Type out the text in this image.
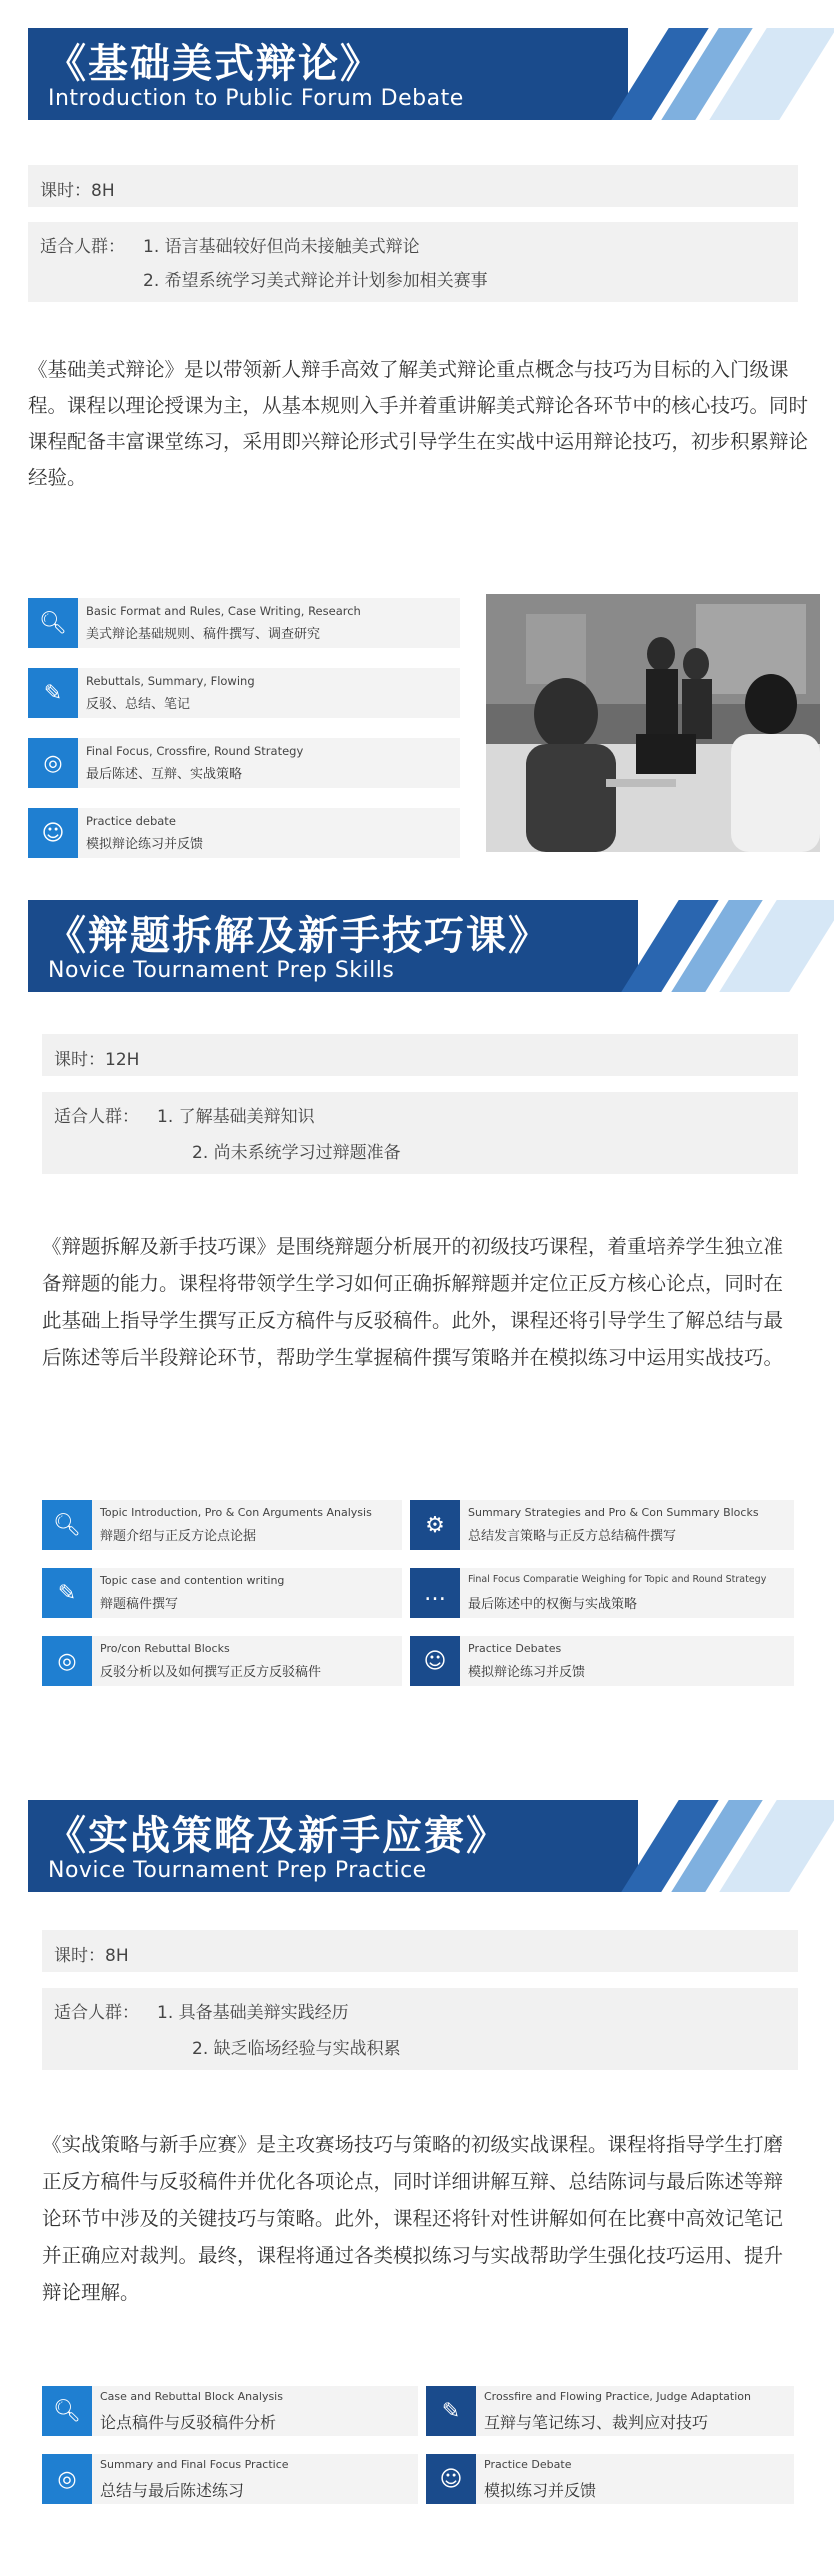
《基础美式辩论》
Introduction to Public Forum Debate
课时：8H
适合人群： 1. 语言基础较好但尚未接触美式辩论
2. 希望系统学习美式辩论并计划参加相关赛事
《基础美式辩论》是以带领新人辩手高效了解美式辩论重点概念与技巧为目标的入门级课程。课程以理论授课为主，从基本规则入手并着重讲解美式辩论各环节中的核心技巧。同时课程配备丰富课堂练习，采用即兴辩论形式引导学生在实战中运用辩论技巧，初步积累辩论经验。
🔍︎	Basic Format and Rules, Case Writing, Research
美式辩论基础规则、稿件撰写、调查研究
✎	Rebuttals, Summary, Flowing
反驳、总结、笔记
◎	Final Focus, Crossfire, Round Strategy
最后陈述、互辩、实战策略
☺	Practice debate
模拟辩论练习并反馈
《辩题拆解及新手技巧课》
Novice Tournament Prep Skills
课时：12H
适合人群： 1. 了解基础美辩知识
2. 尚未系统学习过辩题准备
《辩题拆解及新手技巧课》是围绕辩题分析展开的初级技巧课程，着重培养学生独立准备辩题的能力。课程将带领学生学习如何正确拆解辩题并定位正反方核心论点，同时在此基础上指导学生撰写正反方稿件与反驳稿件。此外，课程还将引导学生了解总结与最后陈述等后半段辩论环节，帮助学生掌握稿件撰写策略并在模拟练习中运用实战技巧。
🔍︎	Topic Introduction, Pro & Con Arguments Analysis
辩题介绍与正反方论点论据	⚙	Summary Strategies and Pro & Con Summary Blocks
总结发言策略与正反方总结稿件撰写
✎	Topic case and contention writing
辩题稿件撰写	…
Final Focus Comparatie Weighing for Topic and Round Strategy
最后陈述中的权衡与实战策略
◎	Pro/con Rebuttal Blocks
反驳分析以及如何撰写正反方反驳稿件	☺	Practice Debates
模拟辩论练习并反馈
《实战策略及新手应赛》
Novice Tournament Prep Practice
课时：8H
适合人群： 1. 具备基础美辩实践经历
2. 缺乏临场经验与实战积累
《实战策略与新手应赛》是主攻赛场技巧与策略的初级实战课程。课程将指导学生打磨正反方稿件与反驳稿件并优化各项论点，同时详细讲解互辩、总结陈词与最后陈述等辩论环节中涉及的关键技巧与策略。此外，课程还将针对性讲解如何在比赛中高效记笔记并正确应对裁判。最终，课程将通过各类模拟练习与实战帮助学生强化技巧运用、提升辩论理解。
🔍︎
Case and Rebuttal Block Analysis
论点稿件与反驳稿件分析	✎
Crossfire and Flowing Practice, Judge Adaptation
互辩与笔记练习、裁判应对技巧
◎
Summary and Final Focus Practice
总结与最后陈述练习	☺
Practice Debate
模拟练习并反馈
